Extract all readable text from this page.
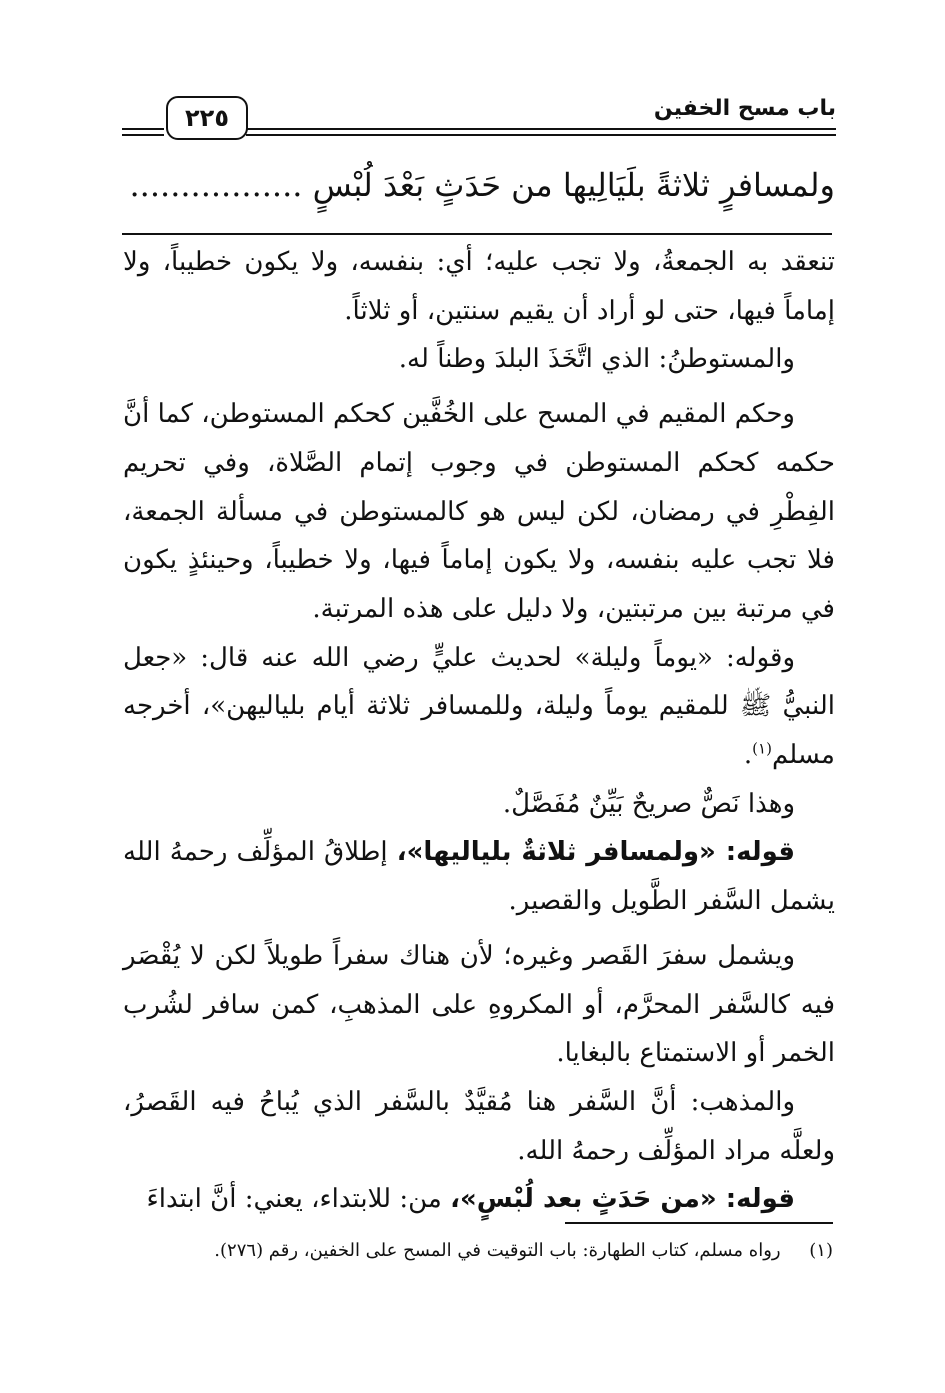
باب مسح الخفين
٢٢٥
ولمسافرٍ ثلاثةً بلَيَالِيها من حَدَثٍ بَعْدَ لُبْسٍ .................

تنعقد به الجمعةُ، ولا تجب عليه؛ أي: بنفسه، ولا يكون خطيباً، ولا إماماً فيها، حتى لو أراد أن يقيم سنتين، أو ثلاثاً.

والمستوطنُ: الذي اتَّخَذَ البلدَ وطناً له.

وحكم المقيم في المسح على الخُفَّين كحكم المستوطن، كما أنَّ حكمه كحكم المستوطن في وجوب إتمام الصَّلاة، وفي تحريم الفِطْرِ في رمضان، لكن ليس هو كالمستوطن في مسألة الجمعة، فلا تجب عليه بنفسه، ولا يكون إماماً فيها، ولا خطيباً، وحينئذٍ يكون في مرتبة بين مرتبتين، ولا دليل على هذه المرتبة.

وقوله: «يوماً وليلة» لحديث عليٍّ رضي الله عنه قال: «جعل النبيُّ ﷺ للمقيم يوماً وليلة، وللمسافر ثلاثة أيام بلياليهن»، أخرجه مسلم$^{(١)}$.

وهذا نَصٌّ صريحٌ بَيِّنٌ مُفَصَّلٌ.

قوله: «ولمسافر ثلاثةٌ بلياليها»، إطلاقُ المؤلِّف رحمهُ الله يشمل السَّفر الطَّويل والقصير.

ويشمل سفرَ القَصر وغيره؛ لأن هناك سفراً طويلاً لكن لا يُقْصَر فيه كالسَّفر المحرَّم، أو المكروهِ على المذهبِ، كمن سافر لشُرب الخمر أو الاستمتاع بالبغايا.

والمذهب: أنَّ السَّفر هنا مُقيَّدٌ بالسَّفر الذي يُباحُ فيه القَصرُ، ولعلَّه مراد المؤلِّف رحمهُ الله.

قوله: «من حَدَثٍ بعد لُبْسٍ»، من: للابتداء، يعني: أنَّ ابتداءَ

(١)     رواه مسلم، كتاب الطهارة: باب التوقيت في المسح على الخفين، رقم (٢٧٦).
